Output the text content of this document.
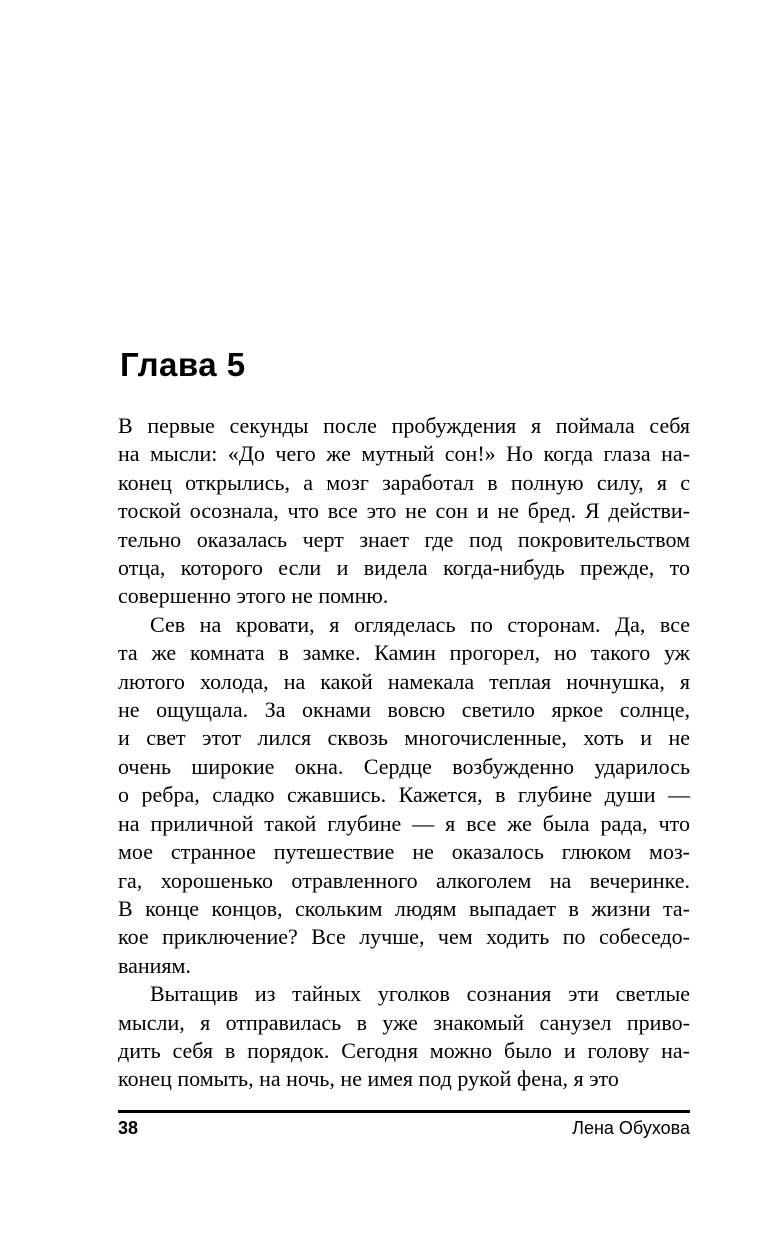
Глава 5
В первые секунды после пробуждения я поймала себя
на мысли: «До чего же мутный сон!» Но когда глаза на-
конец открылись, а мозг заработал в полную силу, я с
тоской осознала, что все это не сон и не бред. Я действи-
тельно оказалась черт знает где под покровительством
отца, которого если и видела когда-нибудь прежде, то
совершенно этого не помню.
Сев на кровати, я огляделась по сторонам. Да, все
та же комната в замке. Камин прогорел, но такого уж
лютого холода, на какой намекала теплая ночнушка, я
не ощущала. За окнами вовсю светило яркое солнце,
и свет этот лился сквозь многочисленные, хоть и не
очень широкие окна. Сердце возбужденно ударилось
о ребра, сладко сжавшись. Кажется, в глубине души —
на приличной такой глубине — я все же была рада, что
мое странное путешествие не оказалось глюком моз-
га, хорошенько отравленного алкоголем на вечеринке.
В конце концов, скольким людям выпадает в жизни та-
кое приключение? Все лучше, чем ходить по собеседо-
ваниям.
Вытащив из тайных уголков сознания эти светлые
мысли, я отправилась в уже знакомый санузел приво-
дить себя в порядок. Сегодня можно было и голову на-
конец помыть, на ночь, не имея под рукой фена, я это
38	Лена Обухова
